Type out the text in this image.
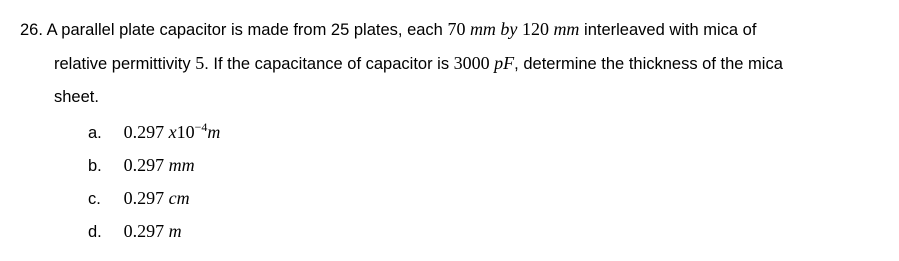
26. A parallel plate capacitor is made from 25 plates, each 70 mm by 120 mm interleaved with mica of
relative permittivity 5. If the capacitance of capacitor is 3000 pF, determine the thickness of the mica
sheet.
a. 0.297 $x10^{-4}m$
b. 0.297 mm
c. 0.297 cm
d. 0.297 m
